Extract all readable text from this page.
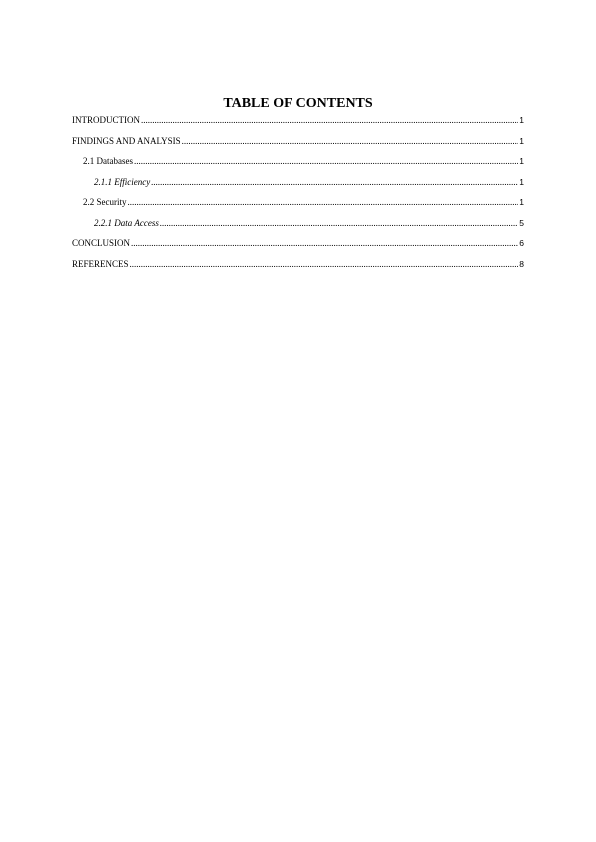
TABLE OF CONTENTS
INTRODUCTION .....	1
FINDINGS AND ANALYSIS .....	1
2.1 Databases .....	1
2.1.1 Efficiency .....	1
2.2 Security .....	1
2.2.1 Data Access .....	5
CONCLUSION .....	6
REFERENCES .....	8
